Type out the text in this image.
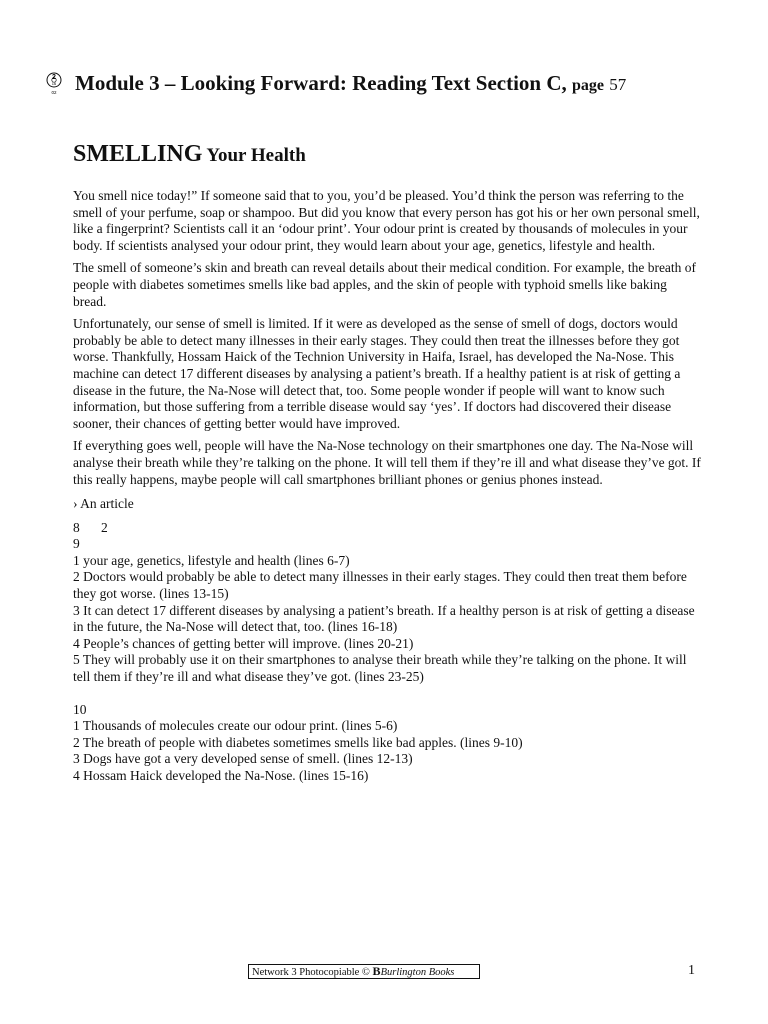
2
16
02 Module 3 – Looking Forward: Reading Text Section C, page 57
SMELLING Your Health

You smell nice today!” If someone said that to you, you’d be pleased. You’d think the person was referring to the smell of your perfume, soap or shampoo. But did you know that every person has got his or her own personal smell, like a fingerprint? Scientists call it an ‘odour print’. Your odour print is created by thousands of molecules in your body. If scientists analysed your odour print, they would learn about your age, genetics, lifestyle and health.

The smell of someone’s skin and breath can reveal details about their medical condition. For example, the breath of people with diabetes sometimes smells like bad apples, and the skin of people with typhoid smells like baking bread.

Unfortunately, our sense of smell is limited. If it were as developed as the sense of smell of dogs, doctors would probably be able to detect many illnesses in their early stages. They could then treat the illnesses before they got worse. Thankfully, Hossam Haick of the Technion University in Haifa, Israel, has developed the Na-Nose. This machine can detect 17 different diseases by analysing a patient’s breath. If a healthy patient is at risk of getting a disease in the future, the Na-Nose will detect that, too. Some people wonder if people will want to know such information, but those suffering from a terrible disease would say ‘yes’. If doctors had discovered their disease sooner, their chances of getting better would have improved.

If everything goes well, people will have the Na-Nose technology on their smartphones one day. The Na-Nose will analyse their breath while they’re talking on the phone. It will tell them if they’re ill and what disease they’ve got. If this really happens, maybe people will call smartphones brilliant phones or genius phones instead.

› An article

8 2
9
1 your age, genetics, lifestyle and health (lines 6-7)
2 Doctors would probably be able to detect many illnesses in their early stages. They could then treat them before they got worse. (lines 13-15)
3 It can detect 17 different diseases by analysing a patient’s breath. If a healthy person is at risk of getting a disease in the future, the Na-Nose will detect that, too. (lines 16-18)
4 People’s chances of getting better will improve. (lines 20-21)
5 They will probably use it on their smartphones to analyse their breath while they’re talking on the phone. It will tell them if they’re ill and what disease they’ve got. (lines 23-25)
10
1 Thousands of molecules create our odour print. (lines 5-6)
2 The breath of people with diabetes sometimes smells like bad apples. (lines 9-10)
3 Dogs have got a very developed sense of smell. (lines 12-13)
4 Hossam Haick developed the Na-Nose. (lines 15-16)
Network 3 Photocopiable © BBurlington Books	1
